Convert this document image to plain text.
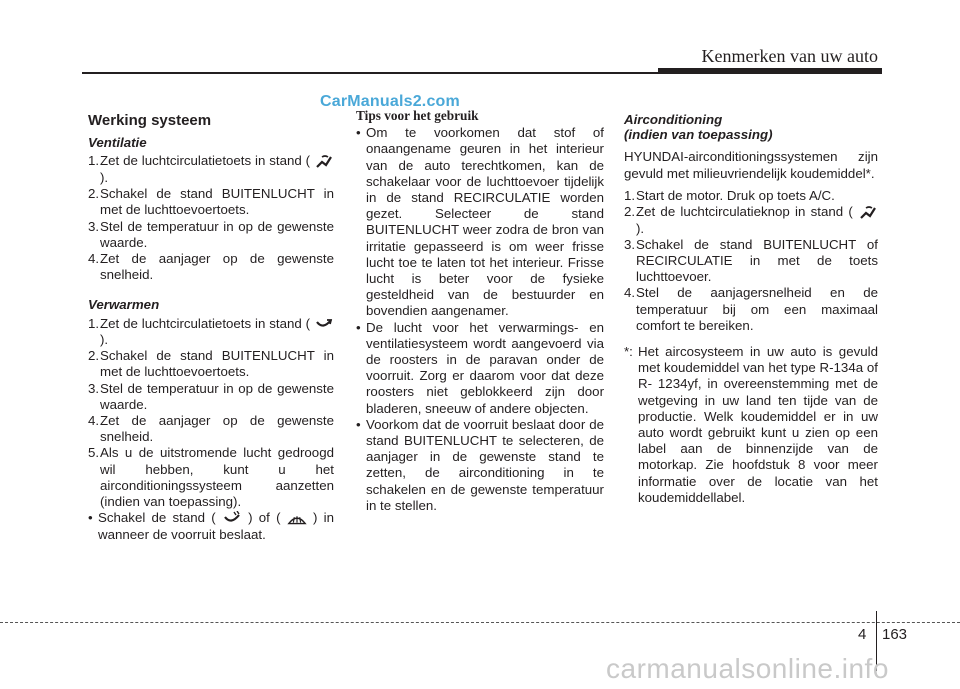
Kenmerken van uw auto
CarManuals2.com
Werking systeem
Ventilatie
1. Zet de luchtcirculatietoets in stand (  ).
2. Schakel de stand BUITENLUCHT in met de luchttoevoertoets.
3. Stel de temperatuur in op de gewenste waarde.
4. Zet de aanjager op de gewenste snelheid.
Verwarmen
1. Zet de luchtcirculatietoets in stand (  ).
2. Schakel de stand BUITENLUCHT in met de luchttoevoertoets.
3. Stel de temperatuur in op de gewenste waarde.
4. Zet de aanjager op de gewenste snelheid.
5. Als u de uitstromende lucht gedroogd wil hebben, kunt u het airconditioningssysteem aanzetten (indien van toepassing).
• Schakel de stand ( ) of ( ) in wanneer de voorruit beslaat.
Tips voor het gebruik
• Om te voorkomen dat stof of onaangename geuren in het interieur van de auto terechtkomen, kan de schakelaar voor de luchttoevoer tijdelijk in de stand RECIRCULATIE worden gezet. Selecteer de stand BUITENLUCHT weer zodra de bron van irritatie gepasseerd is om weer frisse lucht toe te laten tot het interieur. Frisse lucht is beter voor de fysieke gesteldheid van de bestuurder en bovendien aangenamer.
• De lucht voor het verwarmings- en ventilatiesysteem wordt aangevoerd via de roosters in de paravan onder de voorruit. Zorg er daarom voor dat deze roosters niet geblokkeerd zijn door bladeren, sneeuw of andere objecten.
• Voorkom dat de voorruit beslaat door de stand BUITENLUCHT te selecteren, de aanjager in de gewenste stand te zetten, de airconditioning in te schakelen en de gewenste temperatuur in te stellen.
Airconditioning
(indien van toepassing)
HYUNDAI-airconditioningssystemen zijn gevuld met milieuvriendelijk koudemiddel*.
1. Start de motor. Druk op toets A/C.
2. Zet de luchtcirculatieknop in stand (  ).
3. Schakel de stand BUITENLUCHT of RECIRCULATIE in met de toets luchttoevoer.
4. Stel de aanjagersnelheid en de temperatuur bij om een maximaal comfort te bereiken.
*: Het aircosysteem in uw auto is gevuld met koudemiddel van het type R-134a of R- 1234yf, in overeenstemming met de wetgeving in uw land ten tijde van de productie. Welk koudemiddel er in uw auto wordt gebruikt kunt u zien op een label aan de binnenzijde van de motorkap. Zie hoofdstuk 8 voor meer informatie over de locatie van het koudemiddellabel.
4 163
carmanualsonline.info
